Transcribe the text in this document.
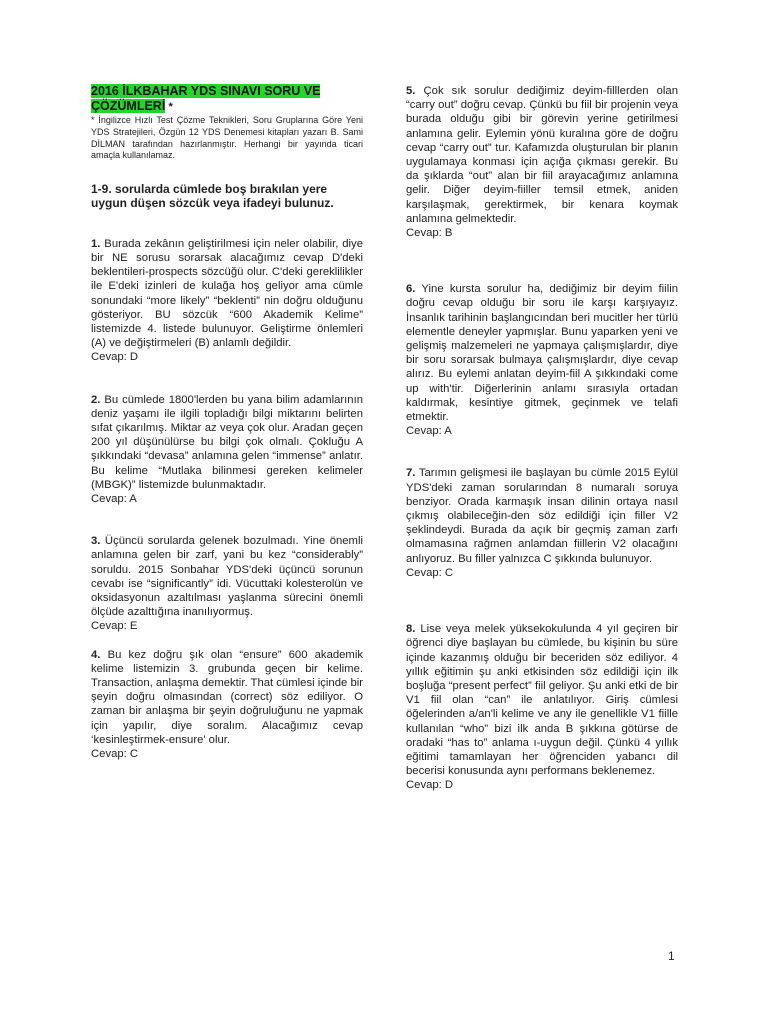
2016 İLKBAHAR YDS SINAVI SORU VE
ÇÖZÜMLERİ *
* İngilizce Hızlı Test Çözme Teknikleri, Soru Gruplarına Göre Yeni YDS Stratejileri, Özgün 12 YDS Denemesi kitapları yazarı B. Sami DİLMAN tarafından hazırlanmıştır. Herhangi bir yayında ticari amaçla kullanılamaz.
1-9. sorularda cümlede boş bırakılan yere uygun düşen sözcük veya ifadeyi bulunuz.

1. Burada zekânın geliştirilmesi için neler olabilir, diye bir NE sorusu sorarsak alacağımız cevap D'deki beklentileri-prospects sözcüğü olur. C'deki gereklilikler ile E'deki izinleri de kulağa hoş geliyor ama cümle sonundaki “more likely” “beklenti” nin doğru olduğunu gösteriyor. BU sözcük “600 Akademik Kelime” listemizde 4. listede bulunuyor. Geliştirme önlemleri (A) ve değiştirmeleri (B) anlamlı değildir.

Cevap: D

2. Bu cümlede 1800'lerden bu yana bilim adamlarının deniz yaşamı ile ilgili topladığı bilgi miktarını belirten sıfat çıkarılmış. Miktar az veya çok olur. Aradan geçen 200 yıl düşünülürse bu bilgi çok olmalı. Çokluğu A şıkkındaki “devasa” anlamına gelen “immense” anlatır. Bu kelime “Mutlaka bilinmesi gereken kelimeler (MBGK)” listemizde bulunmaktadır.

Cevap: A

3. Üçüncü sorularda gelenek bozulmadı. Yine önemli anlamına gelen bir zarf, yani bu kez “considerably” soruldu. 2015 Sonbahar YDS'deki üçüncü sorunun cevabı ise “significantly” idi. Vücuttaki kolesterolün ve oksidasyonun azaltılması yaşlanma sürecini önemli ölçüde azalttığına inanılıyormuş.

Cevap: E

4. Bu kez doğru şık olan “ensure” 600 akademik kelime listemizin 3. grubunda geçen bir kelime. Transaction, anlaşma demektir. That cümlesi içinde bir şeyin doğru olmasından (correct) söz ediliyor. O zaman bir anlaşma bir şeyin doğruluğunu ne yapmak için yapılır, diye soralım. Alacağımız cevap ‘kesinleştirmek-ensure' olur.

Cevap: C

5. Çok sık sorulur dediğimiz deyim-filllerden olan “carry out” doğru cevap. Çünkü bu fiil bir projenin veya burada olduğu gibi bir görevin yerine getirilmesi anlamına gelir. Eylemin yönü kuralına göre de doğru cevap “carry out” tur. Kafamızda oluşturulan bir planın uygulamaya konması için açığa çıkması gerekir. Bu da şıklarda “out” alan bir fiil arayacağımız anlamına gelir. Diğer deyim-fiiller temsil etmek, aniden karşılaşmak, gerektirmek, bir kenara koymak anlamına gelmektedir.

Cevap: B

6. Yine kursta sorulur ha, dediğimiz bir deyim fiilin doğru cevap olduğu bir soru ile karşı karşıyayız. İnsanlık tarihinin başlangıcından beri mucitler her türlü elementle deneyler yapmışlar. Bunu yaparken yeni ve gelişmiş malzemeleri ne yapmaya çalışmışlardır, diye bir soru sorarsak bulmaya çalışmışlardır, diye cevap alırız. Bu eylemi anlatan deyim-fiil A şıkkındaki come up with'tir. Diğerlerinin anlamı sırasıyla ortadan kaldırmak, kesintiye gitmek, geçinmek ve telafi etmektir.

Cevap: A

7. Tarımın gelişmesi ile başlayan bu cümle 2015 Eylül YDS'deki zaman sorularından 8 numaralı soruya benziyor. Orada karmaşık insan dilinin ortaya nasıl çıkmış olabileceğin-den söz edildiği için filler V2 şeklindeydi. Burada da açık bir geçmiş zaman zarfı olmamasına rağmen anlamdan fiillerin V2 olacağını anlıyoruz. Bu filler yalnızca C şıkkında bulunuyor.

Cevap: C

8. Lise veya melek yüksekokulunda 4 yıl geçiren bir öğrenci diye başlayan bu cümlede, bu kişinin bu süre içinde kazanmış olduğu bir beceriden söz ediliyor. 4 yıllık eğitimin şu anki etkisinden söz edildiği için ilk boşluğa “present perfect” fiil geliyor. Şu anki etki de bir V1 fiil olan “can” ile anlatılıyor. Giriş cümlesi öğelerinden a/an'li kelime ve any ile genellikle V1 fiille kullanılan “who” bizi ilk anda B şıkkına götürse de oradaki “has to” anlama ı-uygun değil. Çünkü 4 yıllık eğitimi tamamlayan her öğrenciden yabancı dil becerisi konusunda aynı performans beklenemez.

Cevap: D

1
